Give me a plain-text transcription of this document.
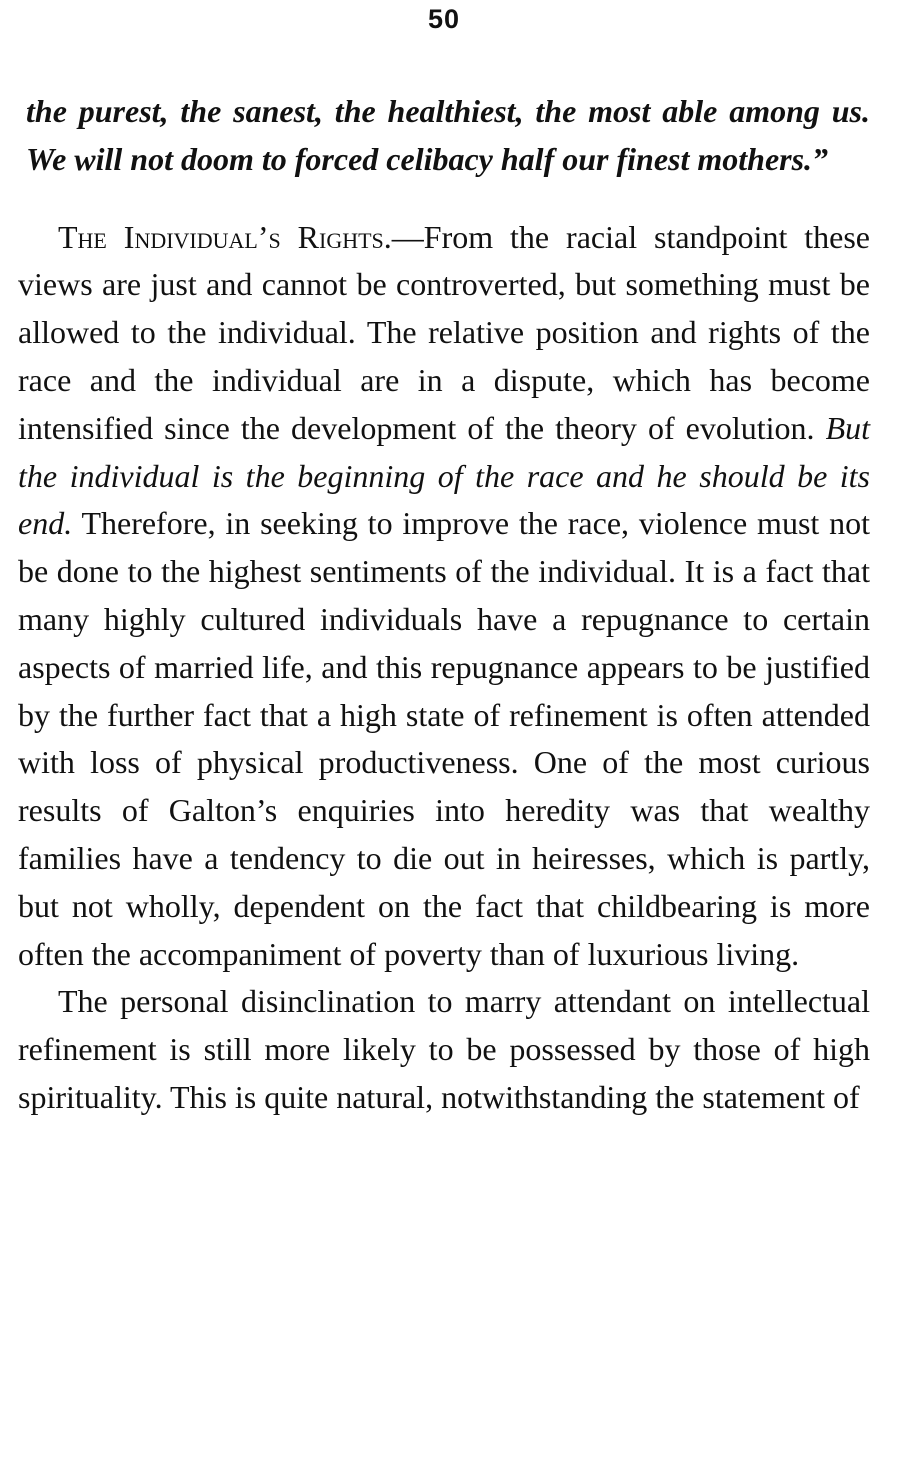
50

the purest, the sanest, the healthiest, the most able among us. We will not doom to forced celibacy half our finest mothers.”

The Individual’s Rights.—From the racial standpoint these views are just and cannot be controverted, but something must be allowed to the individual. The relative position and rights of the race and the individual are in a dispute, which has become intensified since the development of the theory of evolution. But the individual is the beginning of the race and he should be its end. Therefore, in seeking to improve the race, violence must not be done to the highest sentiments of the individual. It is a fact that many highly cultured individuals have a repugnance to certain aspects of married life, and this repugnance appears to be justified by the further fact that a high state of refinement is often attended with loss of physical productiveness. One of the most curious results of Galton’s enquiries into heredity was that wealthy families have a tendency to die out in heiresses, which is partly, but not wholly, dependent on the fact that childbearing is more often the accompaniment of poverty than of luxurious living.

The personal disinclination to marry attendant on intellectual refinement is still more likely to be possessed by those of high spirituality. This is quite natural, notwithstanding the statement of
